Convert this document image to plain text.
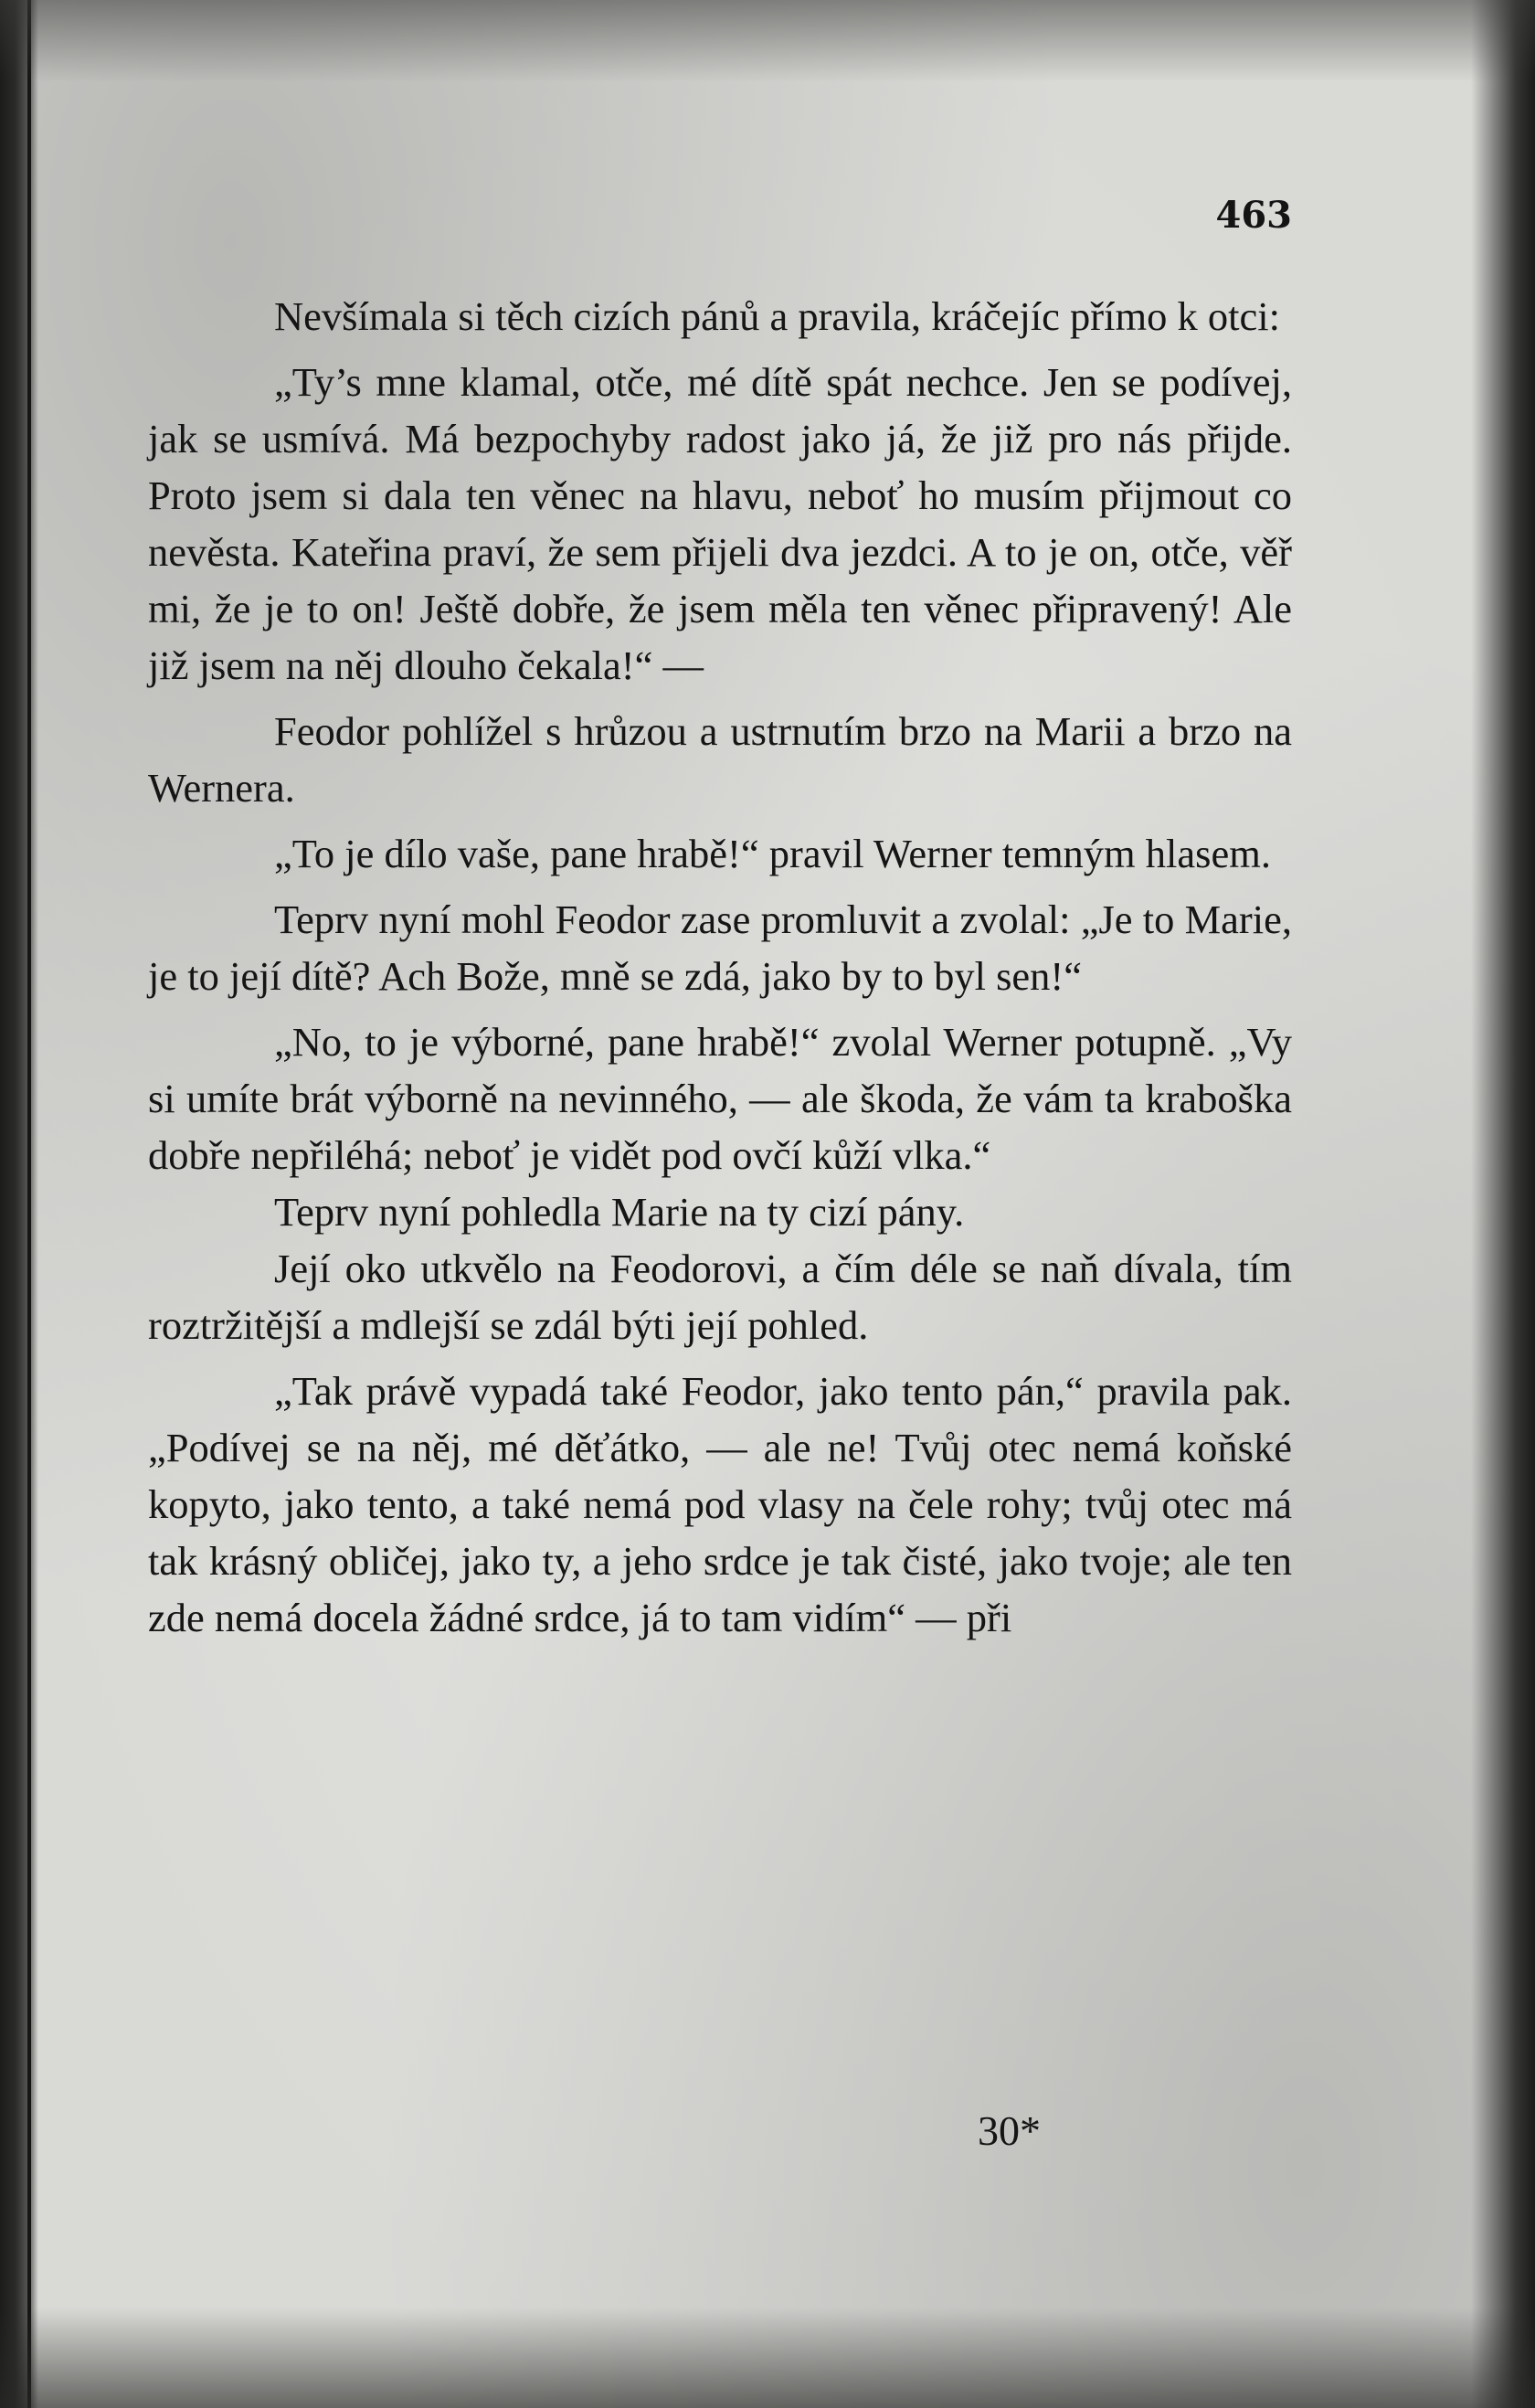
463

Nevšímala si těch cizích pánů a pravila, kráčejíc přímo k otci:

„Ty’s mne klamal, otče, mé dítě spát nechce. Jen se podívej, jak se usmívá. Má bezpochyby radost jako já, že již pro nás přijde. Proto jsem si dala ten věnec na hlavu, neboť ho musím přijmout co nevěsta. Kateřina praví, že sem přijeli dva jezdci. A to je on, otče, věř mi, že je to on! Ještě dobře, že jsem měla ten věnec připravený! Ale již jsem na něj dlouho čekala!“ —

Feodor pohlížel s hrůzou a ustrnutím brzo na Marii a brzo na Wernera.

„To je dílo vaše, pane hrabě!“ pravil Werner temným hlasem.

Teprv nyní mohl Feodor zase promluvit a zvolal: „Je to Marie, je to její dítě? Ach Bože, mně se zdá, jako by to byl sen!“

„No, to je výborné, pane hrabě!“ zvolal Werner potupně. „Vy si umíte brát výborně na nevinného, — ale škoda, že vám ta kraboška dobře nepřiléhá; neboť je vidět pod ovčí kůží vlka.“

Teprv nyní pohledla Marie na ty cizí pány.

Její oko utkvělo na Feodorovi, a čím déle se naň dívala, tím roztržitější a mdlejší se zdál býti její pohled.

„Tak právě vypadá také Feodor, jako tento pán,“ pravila pak. „Podívej se na něj, mé děťátko, — ale ne! Tvůj otec nemá koňské kopyto, jako tento, a také nemá pod vlasy na čele rohy; tvůj otec má tak krásný obličej, jako ty, a jeho srdce je tak čisté, jako tvoje; ale ten zde nemá docela žádné srdce, já to tam vidím“ — při

30*
